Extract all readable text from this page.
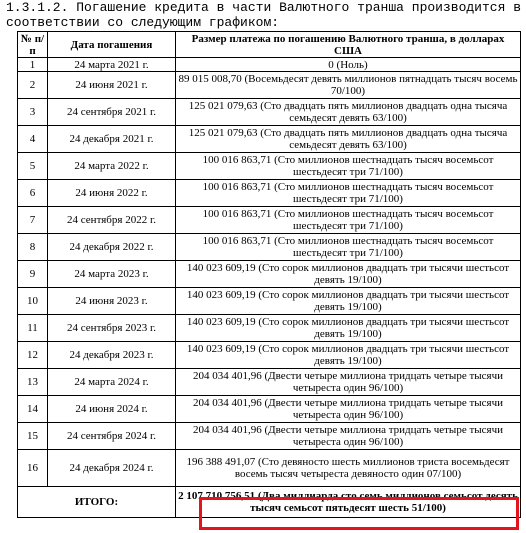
1.3.1.2. Погашение кредита в части Валютного транша производится в
соответствии со следующим графиком:
№ п/п	Дата погашения	Размер платежа по погашению Валютного транша, в долларах США
1	24 марта 2021 г.	0 (Ноль)
2	24 июня 2021 г.	89 015 008,70 (Восемьдесят девять миллионов пятнадцать тысяч восемь 70/100)
3	24 сентября 2021 г.	125 021 079,63 (Сто двадцать пять миллионов двадцать одна тысяча семьдесят девять 63/100)
4	24 декабря 2021 г.	125 021 079,63 (Сто двадцать пять миллионов двадцать одна тысяча семьдесят девять 63/100)
5	24 марта 2022 г.	100 016 863,71 (Сто миллионов шестнадцать тысяч восемьсот шестьдесят три 71/100)
6	24 июня 2022 г.	100 016 863,71 (Сто миллионов шестнадцать тысяч восемьсот шестьдесят три 71/100)
7	24 сентября 2022 г.	100 016 863,71 (Сто миллионов шестнадцать тысяч восемьсот шестьдесят три 71/100)
8	24 декабря 2022 г.	100 016 863,71 (Сто миллионов шестнадцать тысяч восемьсот шестьдесят три 71/100)
9	24 марта 2023 г.	140 023 609,19 (Сто сорок миллионов двадцать три тысячи шестьсот девять 19/100)
10	24 июня 2023 г.	140 023 609,19 (Сто сорок миллионов двадцать три тысячи шестьсот девять 19/100)
11	24 сентября 2023 г.	140 023 609,19 (Сто сорок миллионов двадцать три тысячи шестьсот девять 19/100)
12	24 декабря 2023 г.	140 023 609,19 (Сто сорок миллионов двадцать три тысячи шестьсот девять 19/100)
13	24 марта 2024 г.	204 034 401,96 (Двести четыре миллиона тридцать четыре тысячи четыреста один 96/100)
14	24 июня 2024 г.	204 034 401,96 (Двести четыре миллиона тридцать четыре тысячи четыреста один 96/100)
15	24 сентября 2024 г.	204 034 401,96 (Двести четыре миллиона тридцать четыре тысячи четыреста один 96/100)
16	24 декабря 2024 г.	196 388 491,07 (Сто девяносто шесть миллионов триста восемьдесят восемь тысяч четыреста девяносто один 07/100)
ИТОГО:		2 107 710 756,51 (Два миллиарда сто семь миллионов семьсот десять тысяч семьсот пятьдесят шесть 51/100)
